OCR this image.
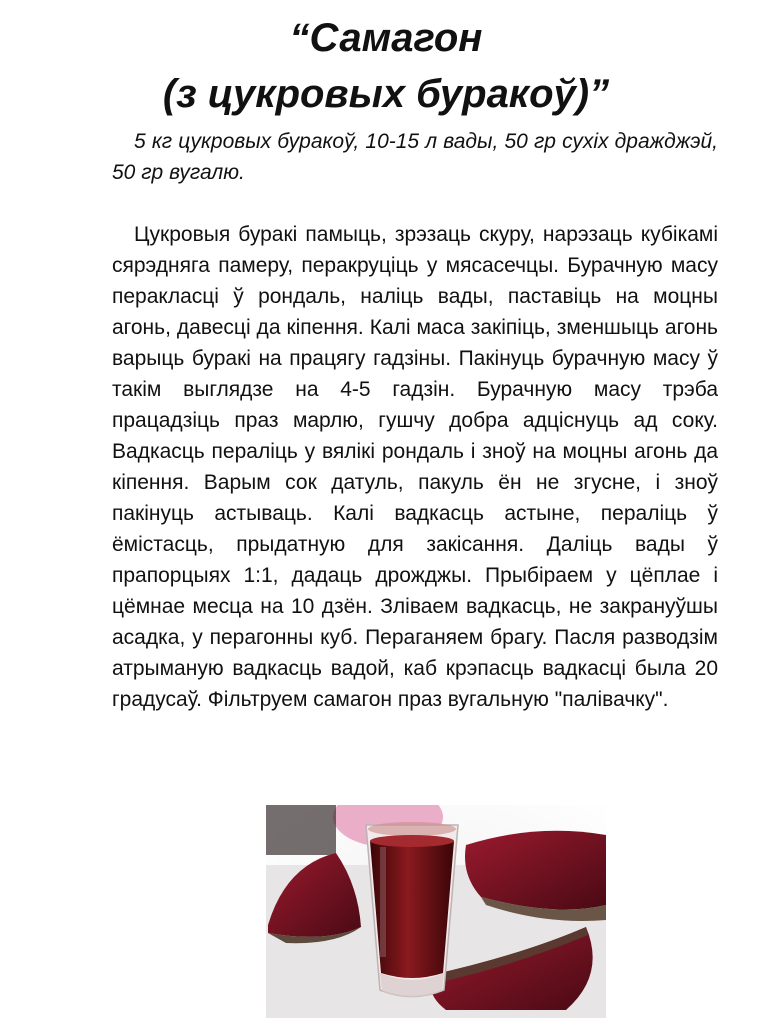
“Самагон
(з цукровых буракоў)”

5 кг цукровых буракоў, 10-15 л вады, 50 гр сухіх дражджэй, 50 гр вугалю.

Цукровыя буракі памыць, зрэзаць скуру, нарэзаць кубікамі сярэдняга памеру, перакруціць у мясасечцы. Бурачную масу перакласці ў рондаль, наліць вады, паставіць на моцны агонь, давесці да кіпення. Калі маса закіпіць, зменшыць агонь варыць буракі на працягу гадзіны. Пакінуць бурачную масу ў такім выглядзе на 4-5 гадзін. Бурачную масу трэба працадзіць праз марлю, гушчу добра адціснуць ад соку. Вадкасць пераліць у вялікі рондаль і зноў на моцны агонь да кіпення. Варым сок датуль, пакуль ён не згусне, і зноў пакінуць астываць. Калі вадкасць астыне, пераліць ў ёмістасць, прыдатную для закісання. Даліць вады ў прапорцыях 1:1, дадаць дрожджы. Прыбіраем у цёплае і цёмнае месца на 10 дзён. Зліваем вадкасць, не закрануўшы асадка, у перагонны куб. Пераганяем брагу. Пасля разводзім атрыманую вадкасць вадой, каб крэпасць вадкасці была 20 градусаў. Фільтруем самагон праз вугальную "палівачку".
